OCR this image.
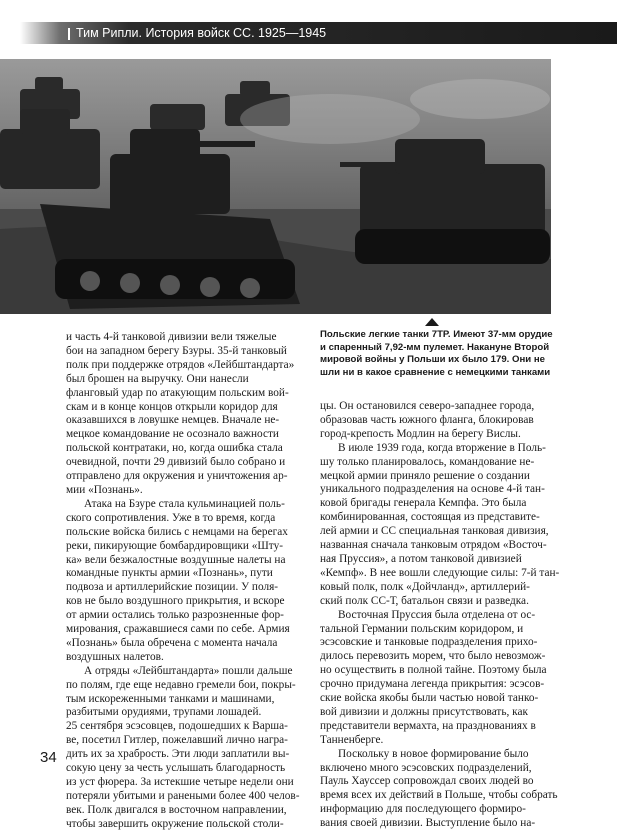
Тим Рипли. История войск СС. 1925—1945
Польские легкие танки 7ТР. Имеют 37-мм орудие
и спаренный 7,92-мм пулемет. Накануне Второй
мировой войны у Польши их было 179. Они не
шли ни в какое сравнение с немецкими танками

и часть 4-й танковой дивизии вели тяжелые
бои на западном берегу Бзуры. 35-й танковый
полк при поддержке отрядов «Лейбштандарта»
был брошен на выручку. Они нанесли
фланговый удар по атакующим польским вой-
скам и в конце концов открыли коридор для
оказавшихся в ловушке немцев. Вначале не-
мецкое командование не осознало важности
польской контратаки, но, когда ошибка стала
очевидной, почти 29 дивизий было собрано и
отправлено для окружения и уничтожения ар-
мии «Познань».

Атака на Бзуре стала кульминацией поль-
ского сопротивления. Уже в то время, когда
польские войска бились с немцами на берегах
реки, пикирующие бомбардировщики «Шту-
ка» вели безжалостные воздушные налеты на
командные пункты армии «Познань», пути
подвоза и артиллерийские позиции. У поля-
ков не было воздушного прикрытия, и вскоре
от армии остались только разрозненные фор-
мирования, сражавшиеся сами по себе. Армия
«Познань» была обречена с момента начала
воздушных налетов.

А отряды «Лейбштандарта» пошли дальше
по полям, где еще недавно гремели бои, покры-
тым искореженными танками и машинами,
разбитыми орудиями, трупами лошадей.
25 сентября эсэсовцев, подошедших к Варша-
ве, посетил Гитлер, пожелавший лично награ-
дить их за храбрость. Эти люди заплатили вы-
сокую цену за честь услышать благодарность
из уст фюрера. За истекшие четыре недели они
потеряли убитыми и ранеными более 400 челов-
век. Полк двигался в восточном направлении,
чтобы завершить окружение польской столи-

цы. Он остановился северо-западнее города,
образовав часть южного фланга, блокировав
город-крепость Модлин на берегу Вислы.

В июле 1939 года, когда вторжение в Поль-
шу только планировалось, командование не-
мецкой армии приняло решение о создании
уникального подразделения на основе 4-й тан-
ковой бригады генерала Кемпфа. Это была
комбинированная, состоящая из представите-
лей армии и СС специальная танковая дивизия,
названная сначала танковым отрядом «Восточ-
ная Пруссия», а потом танковой дивизией
«Кемпф». В нее вошли следующие силы: 7-й тан-
ковый полк, полк «Дойчланд», артиллерий-
ский полк СС-Т, батальон связи и разведка.

Восточная Пруссия была отделена от ос-
тальной Германии польским коридором, и
эсэсовские и танковые подразделения прихо-
дилось перевозить морем, что было невозмож-
но осуществить в полной тайне. Поэтому была
срочно придумана легенда прикрытия: эсэсов-
ские войска якобы были частью новой танко-
вой дивизии и должны присутствовать, как
представители вермахта, на празднованиях в
Танненберге.

Поскольку в новое формирование было
включено много эсэсовских подразделений,
Пауль Хауссер сопровождал своих людей во
время всех их действий в Польше, чтобы собрать
информацию для последующего формиро-
вания своей дивизии. Выступление было на-

34
